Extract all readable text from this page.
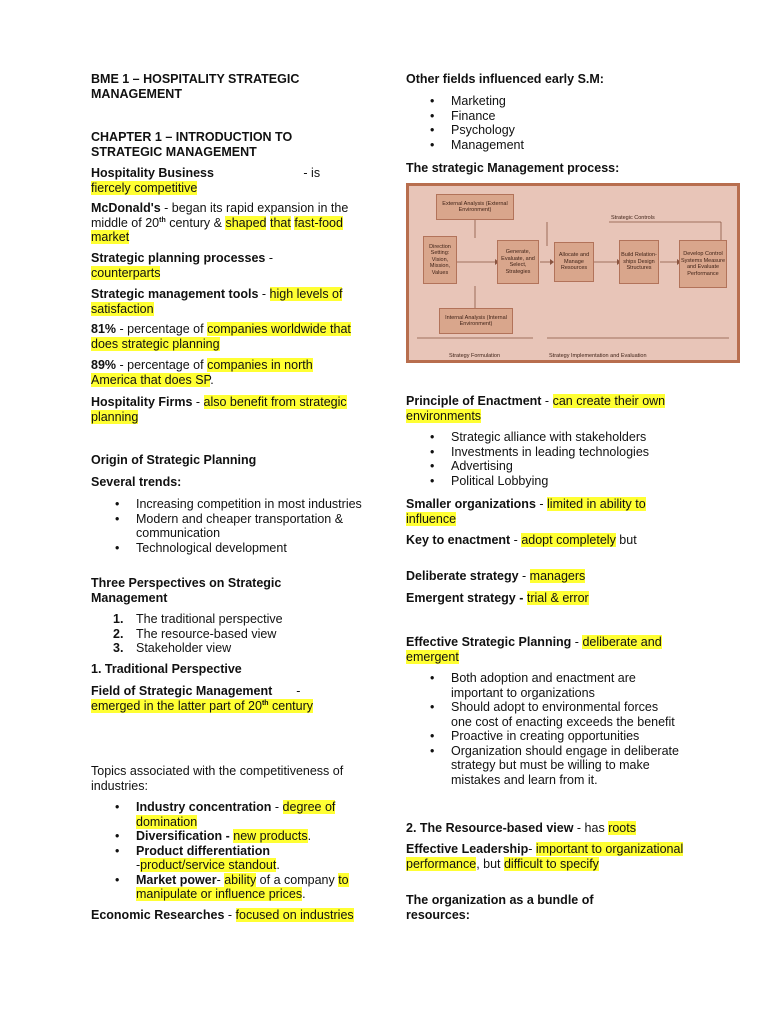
BME 1 – HOSPITALITY STRATEGIC MANAGEMENT
CHAPTER 1 – INTRODUCTION TO STRATEGIC MANAGEMENT
Hospitality Business	- is
fiercely competitive
McDonald's - began its rapid expansion in the middle of 20th century & shaped that fast-food market
Strategic planning processes -
counterparts
Strategic management tools - high levels of satisfaction
81% - percentage of companies worldwide that does strategic planning
89% - percentage of companies in north America that does SP.
Hospitality Firms - also benefit from strategic planning
Origin of Strategic Planning
Several trends:
• Increasing competition in most industries
• Modern and cheaper transportation & communication
• Technological development
Three Perspectives on Strategic Management
1. The traditional perspective
2. The resource-based view
3. Stakeholder view
1. Traditional Perspective
Field of Strategic Management -
emerged in the latter part of 20th century
Topics associated with the competitiveness of industries:
• Industry concentration - degree of domination
• Diversification - new products.
• Product differentiation
-product/service standout.
• Market power- ability of a company to manipulate or influence prices.
Economic Researches - focused on industries
Other fields influenced early S.M:
• Marketing
• Finance
• Psychology
• Management
The strategic Management process:
External Analysis (External Environment)
Direction Setting: Vision, Mission, Values
Generate, Evaluate, and Select, Strategies
Allocate and Manage Resources
Build Relation-ships Design Structures
Develop Control Systems Measure and Evaluate Performance
Internal Analysis (Internal Environment)
Strategic Controls
Strategy Formulation	Strategy Implementation and Evaluation
Principle of Enactment - can create their own environments
• Strategic alliance with stakeholders
• Investments in leading technologies
• Advertising
• Political Lobbying
Smaller organizations - limited in ability to influence
Key to enactment - adopt completely but
Deliberate strategy - managers
Emergent strategy - trial & error
Effective Strategic Planning - deliberate and emergent
• Both adoption and enactment are important to organizations
• Should adopt to environmental forces one cost of enacting exceeds the benefit
• Proactive in creating opportunities
• Organization should engage in deliberate strategy but must be willing to make mistakes and learn from it.
2. The Resource-based view - has roots
Effective Leadership- important to organizational performance, but difficult to specify
The organization as a bundle of resources:
